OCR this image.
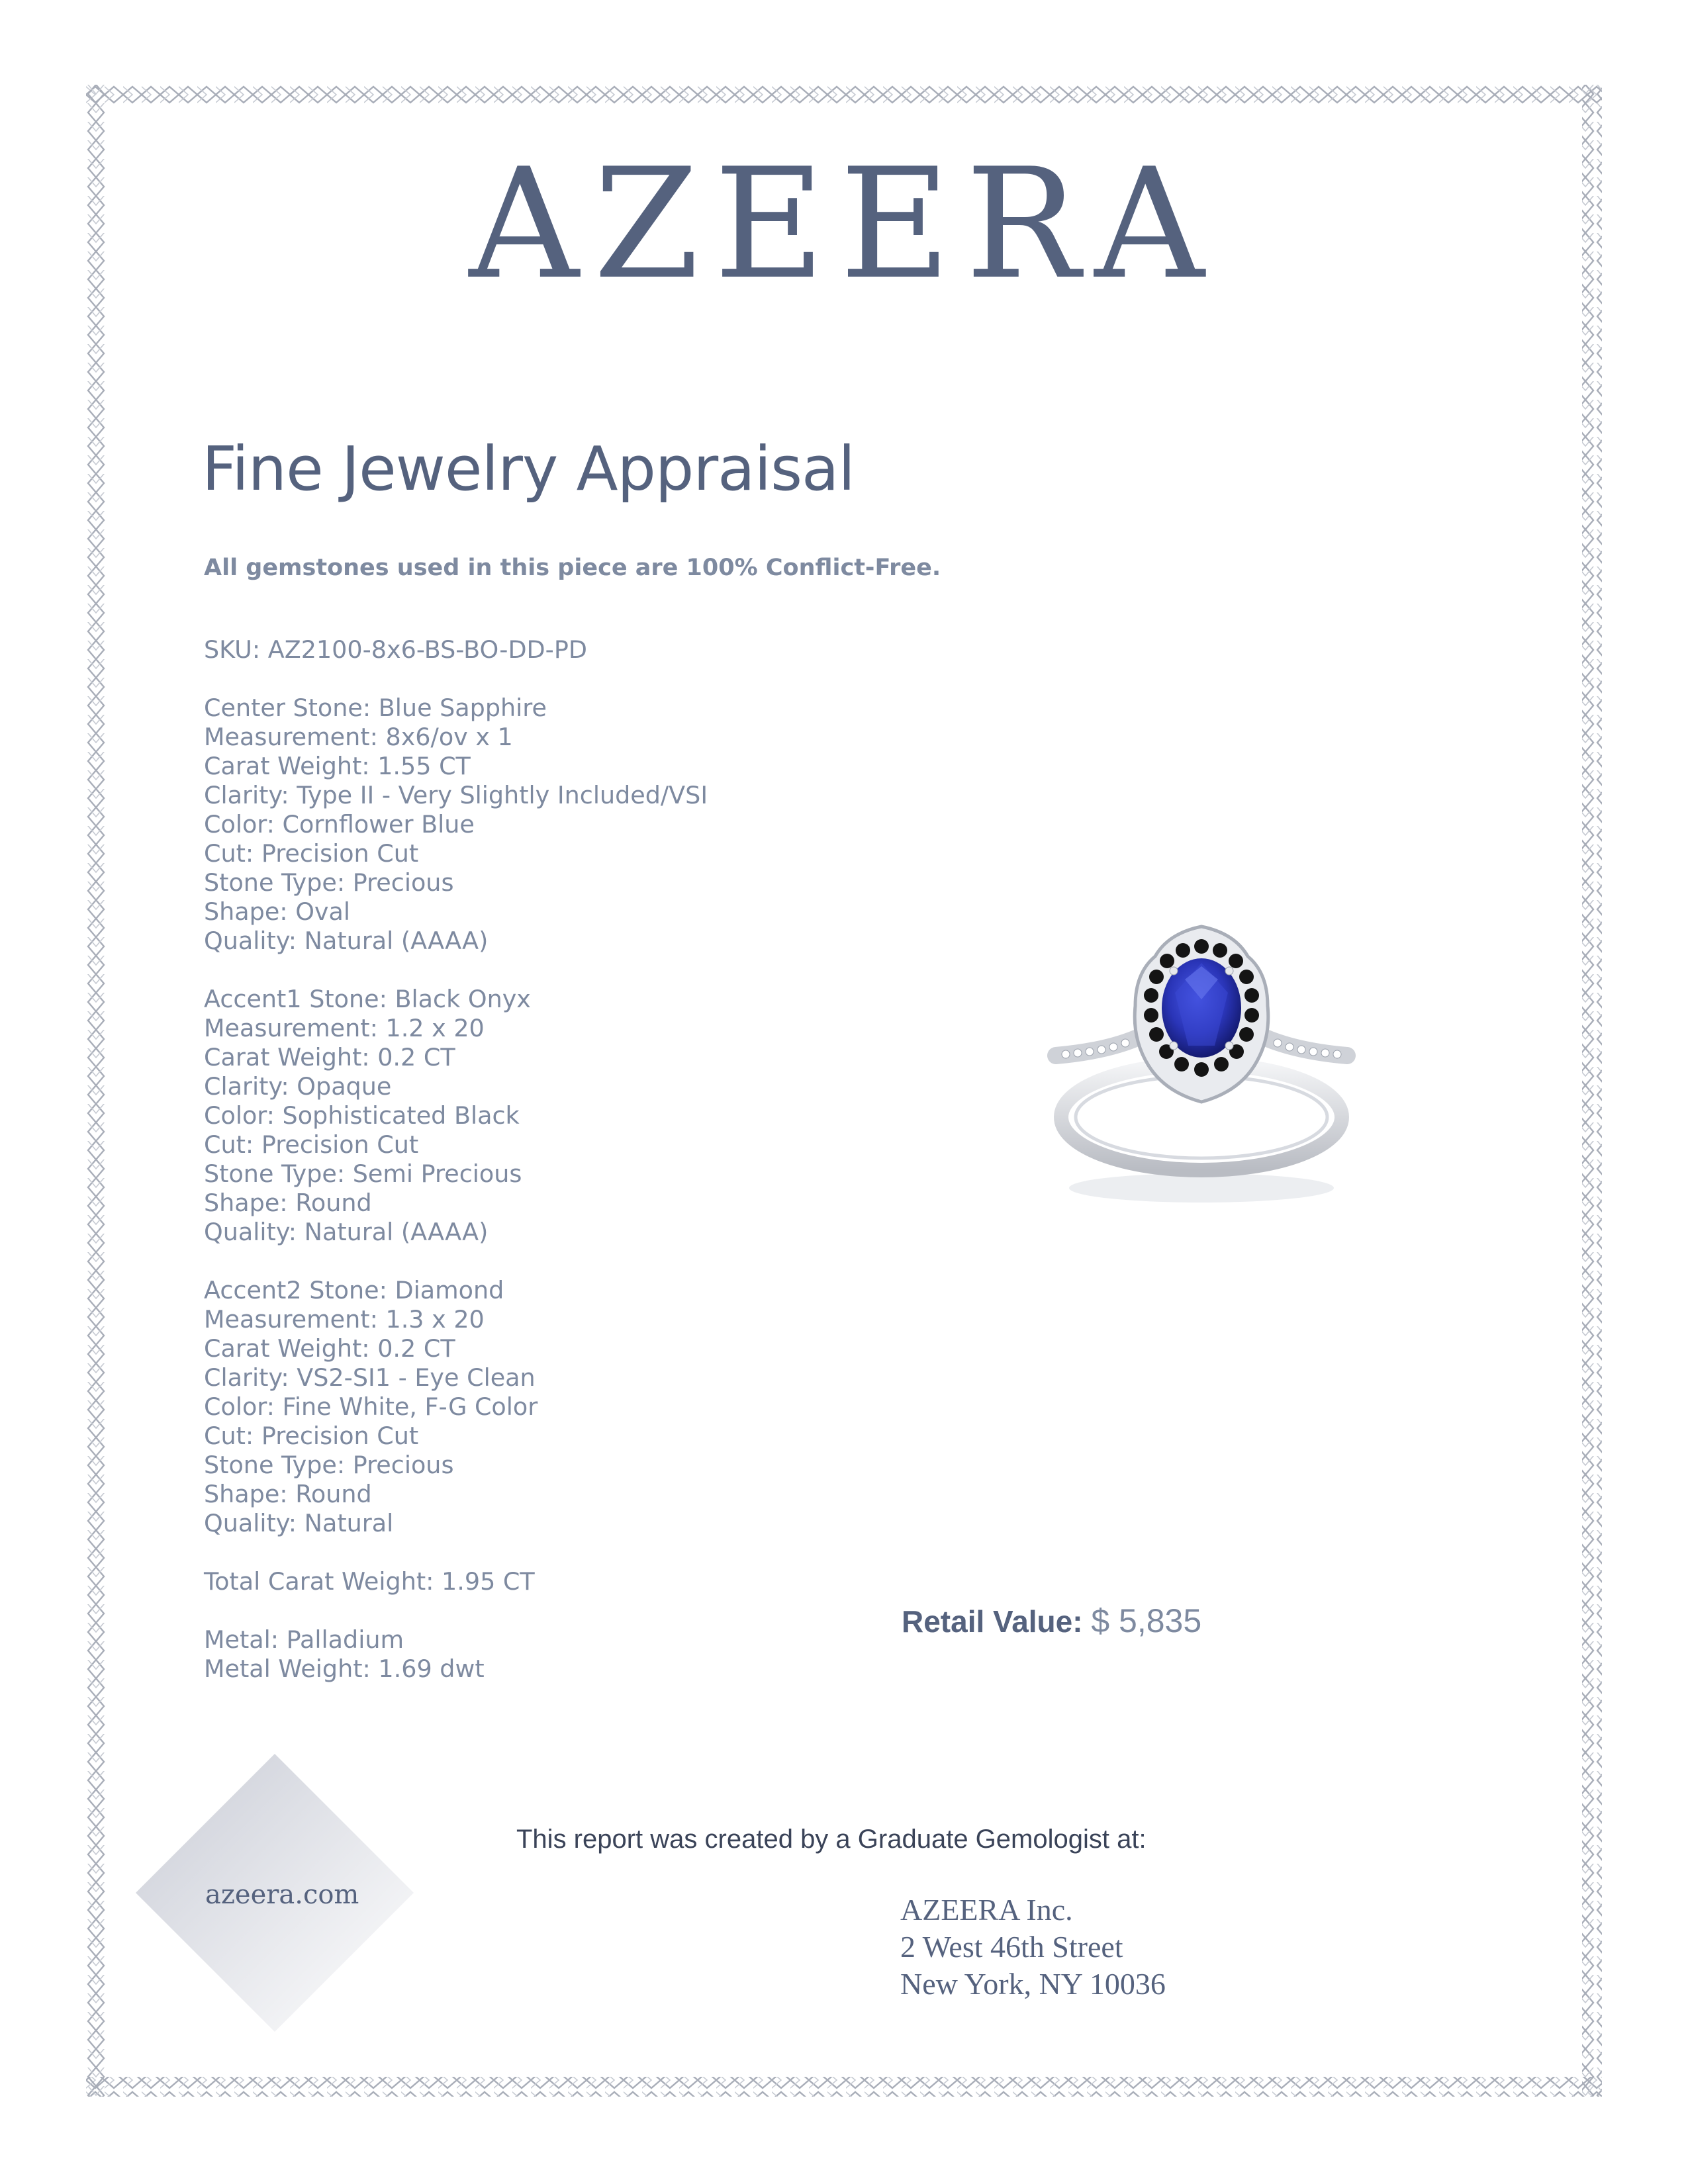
AZEERA
Fine Jewelry Appraisal
All gemstones used in this piece are 100% Conflict-Free.
SKU: AZ2100-8x6-BS-BO-DD-PD
Center Stone: Blue Sapphire
Measurement: 8x6/ov x 1
Carat Weight: 1.55 CT
Clarity: Type II - Very Slightly Included/VSI
Color: Cornflower Blue
Cut: Precision Cut
Stone Type: Precious
Shape: Oval
Quality: Natural (AAAA)
Accent1 Stone: Black Onyx
Measurement: 1.2 x 20
Carat Weight: 0.2 CT
Clarity: Opaque
Color: Sophisticated Black
Cut: Precision Cut
Stone Type: Semi Precious
Shape: Round
Quality: Natural (AAAA)
Accent2 Stone: Diamond
Measurement: 1.3 x 20
Carat Weight: 0.2 CT
Clarity: VS2-SI1 - Eye Clean
Color: Fine White, F-G Color
Cut: Precision Cut
Stone Type: Precious
Shape: Round
Quality: Natural
Total Carat Weight: 1.95 CT
Metal: Palladium
Metal Weight: 1.69 dwt
Retail Value: $ 5,835
azeera.com
This report was created by a Graduate Gemologist at:
AZEERA Inc.
2 West 46th Street
New York, NY 10036
